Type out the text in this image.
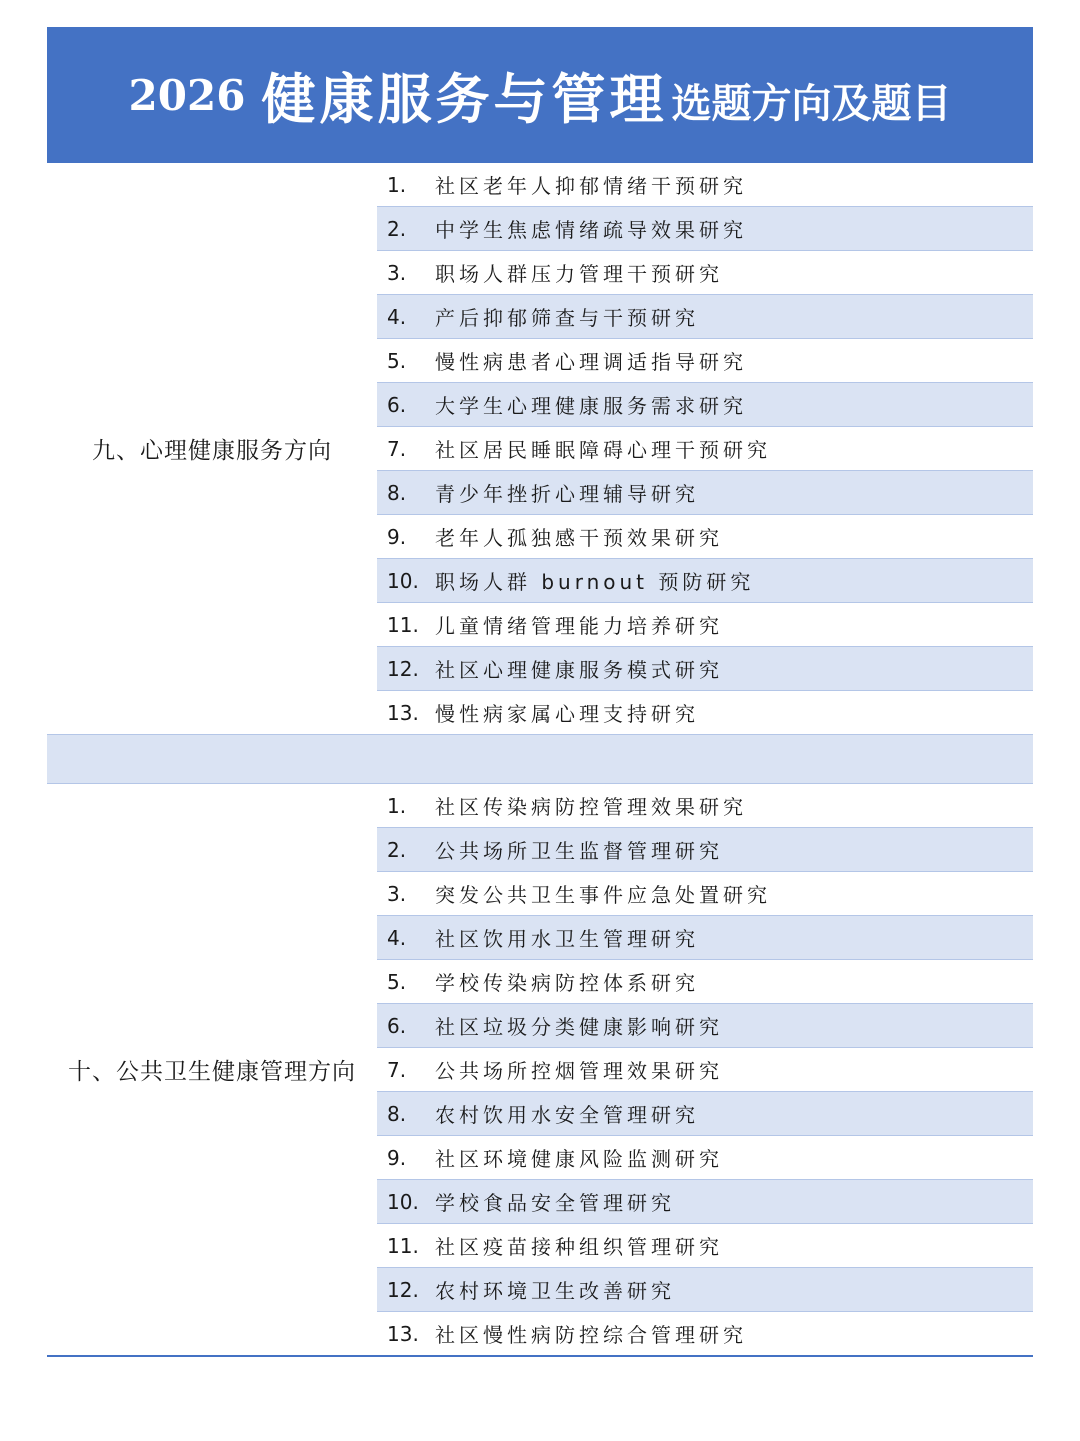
2026 健康服务与管理 选题方向及题目
九、心理健康服务方向
1.	社区老年人抑郁情绪干预研究
2.	中学生焦虑情绪疏导效果研究
3.	职场人群压力管理干预研究
4.	产后抑郁筛查与干预研究
5.	慢性病患者心理调适指导研究
6.	大学生心理健康服务需求研究
7.	社区居民睡眠障碍心理干预研究
8.	青少年挫折心理辅导研究
9.	老年人孤独感干预效果研究
10. 职场人群 burnout 预防研究
11. 儿童情绪管理能力培养研究
12. 社区心理健康服务模式研究
13. 慢性病家属心理支持研究
十、公共卫生健康管理方向
1.	社区传染病防控管理效果研究
2.	公共场所卫生监督管理研究
3.	突发公共卫生事件应急处置研究
4.	社区饮用水卫生管理研究
5.	学校传染病防控体系研究
6.	社区垃圾分类健康影响研究
7.	公共场所控烟管理效果研究
8.	农村饮用水安全管理研究
9.	社区环境健康风险监测研究
10. 学校食品安全管理研究
11. 社区疫苗接种组织管理研究
12. 农村环境卫生改善研究
13. 社区慢性病防控综合管理研究
